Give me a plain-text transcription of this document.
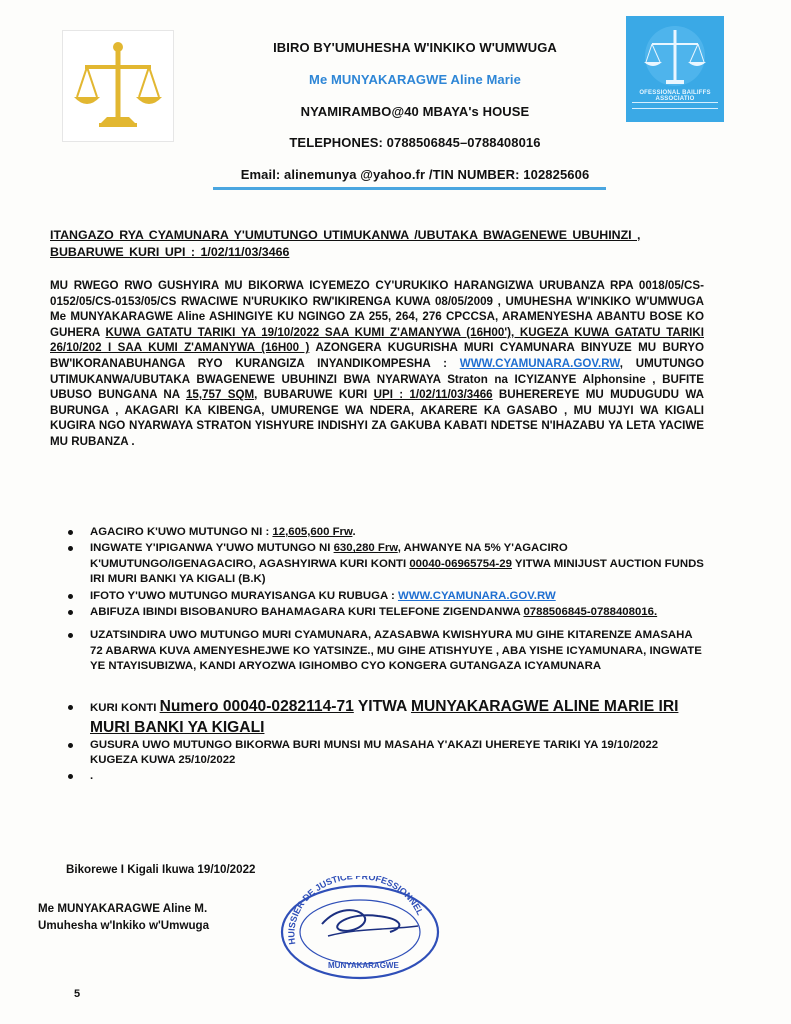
IBIRO BY'UMUHESHA W'INKIKO W'UMWUGA
Me MUNYAKARAGWE Aline Marie
NYAMIRAMBO@40 MBAYA's HOUSE
TELEPHONES: 0788506845–0788408016
Email: alinemunya @yahoo.fr /TIN NUMBER: 102825606
OFESSIONAL BAILIFFS ASSOCIATIO
ITANGAZO RYA CYAMUNARA Y'UMUTUNGO UTIMUKANWA /UBUTAKA BWAGENEWE UBUHINZI , BUBARUWE KURI UPI : 1/02/11/03/3466
MU RWEGO RWO GUSHYIRA MU BIKORWA ICYEMEZO CY'URUKIKO HARANGIZWA URUBANZA RPA 0018/05/CS-0152/05/CS-0153/05/CS RWACIWE N'URUKIKO RW'IKIRENGA KUWA 08/05/2009 , UMUHESHA W'INKIKO W'UMWUGA Me MUNYAKARAGWE Aline ASHINGIYE KU NGINGO ZA 255, 264, 276 CPCCSA, ARAMENYESHA ABANTU BOSE KO GUHERA KUWA GATATU TARIKI YA 19/10/2022 SAA KUMI Z'AMANYWA (16H00'), KUGEZA KUWA GATATU TARIKI 26/10/202 I SAA KUMI Z'AMANYWA (16H00 ) AZONGERA KUGURISHA MURI CYAMUNARA BINYUZE MU BURYO BW'IKORANABUHANGA RYO KURANGIZA INYANDIKOMPESHA : WWW.CYAMUNARA.GOV.RW, UMUTUNGO UTIMUKANWA/UBUTAKA BWAGENEWE UBUHINZI BWA NYARWAYA Straton na ICYIZANYE Alphonsine , BUFITE UBUSO BUNGANA NA 15,757 SQM, BUBARUWE KURI UPI : 1/02/11/03/3466 BUHEREREYE MU MUDUGUDU WA BURUNGA , AKAGARI KA KIBENGA, UMURENGE WA NDERA, AKARERE KA GASABO , MU MUJYI WA KIGALI KUGIRA NGO NYARWAYA STRATON YISHYURE INDISHYI ZA GAKUBA KABATI NDETSE N'IHAZABU YA LETA YACIWE MU RUBANZA .
AGACIRO K'UWO MUTUNGO NI : 12,605,600 Frw.
INGWATE Y'IPIGANWA Y'UWO MUTUNGO NI 630,280 Frw, AHWANYE NA 5% Y'AGACIRO K'UMUTUNGO/IGENAGACIRO, AGASHYIRWA KURI KONTI 00040-06965754-29 YITWA MINIJUST AUCTION FUNDS IRI MURI BANKI YA KIGALI (B.K)
IFOTO Y'UWO MUTUNGO MURAYISANGA KU RUBUGA : WWW.CYAMUNARA.GOV.RW
ABIFUZA IBINDI BISOBANURO BAHAMAGARA KURI TELEFONE ZIGENDANWA 0788506845-0788408016.
UZATSINDIRA UWO MUTUNGO MURI CYAMUNARA, AZASABWA KWISHYURA MU GIHE KITARENZE AMASAHA 72 ABARWA KUVA AMENYESHEJWE KO YATSINZE., MU GIHE ATISHYUYE , ABA YISHE ICYAMUNARA, INGWATE YE NTAYISUBIZWA, KANDI ARYOZWA IGIHOMBO CYO KONGERA GUTANGAZA ICYAMUNARA
KURI KONTI Numero 00040-0282114-71 YITWA MUNYAKARAGWE ALINE MARIE IRI MURI BANKI YA KIGALI
GUSURA UWO MUTUNGO BIKORWA BURI MUNSI MU MASAHA Y'AKAZI UHEREYE TARIKI YA 19/10/2022 KUGEZA KUWA 25/10/2022
.
Bikorewe I Kigali Ikuwa 19/10/2022
Me MUNYAKARAGWE Aline M.
Umuhesha w'Inkiko w'Umwuga
HUISSIER DE JUSTICE ROFESSIONNEL
MUNYAKARAGWE
5
